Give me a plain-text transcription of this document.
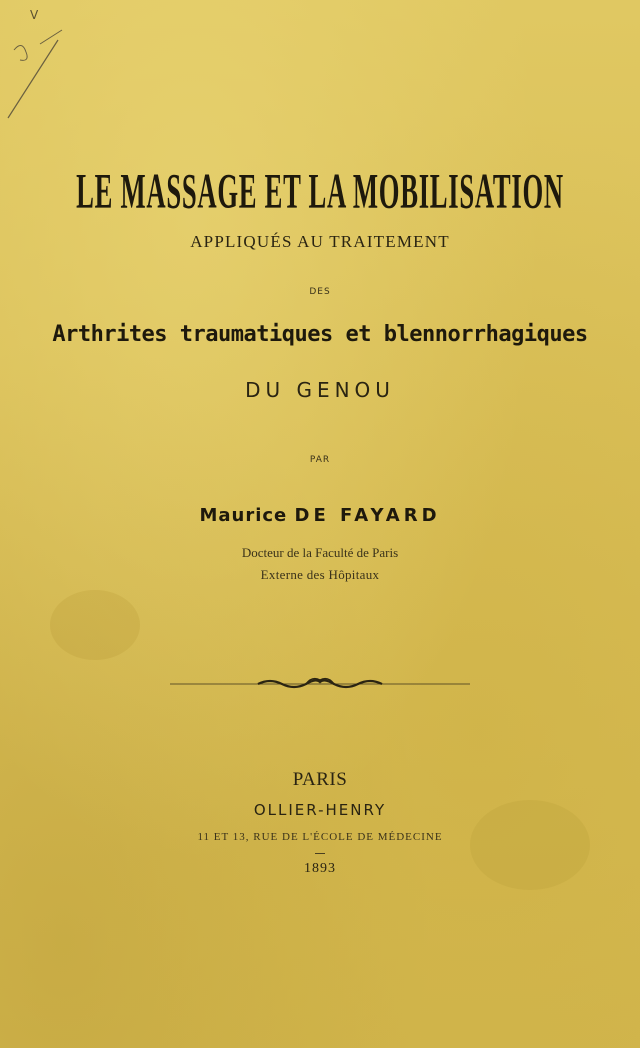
V
LE MASSAGE ET LA MOBILISATION
APPLIQUÉS AU TRAITEMENT
DES
Arthrites traumatiques et blennorrhagiques
DU GENOU
PAR
Maurice DE FAYARD
Docteur de la Faculté de Paris
Externe des Hôpitaux
PARIS
OLLIER-HENRY
11 ET 13, RUE DE L'ÉCOLE DE MÉDECINE
1893
